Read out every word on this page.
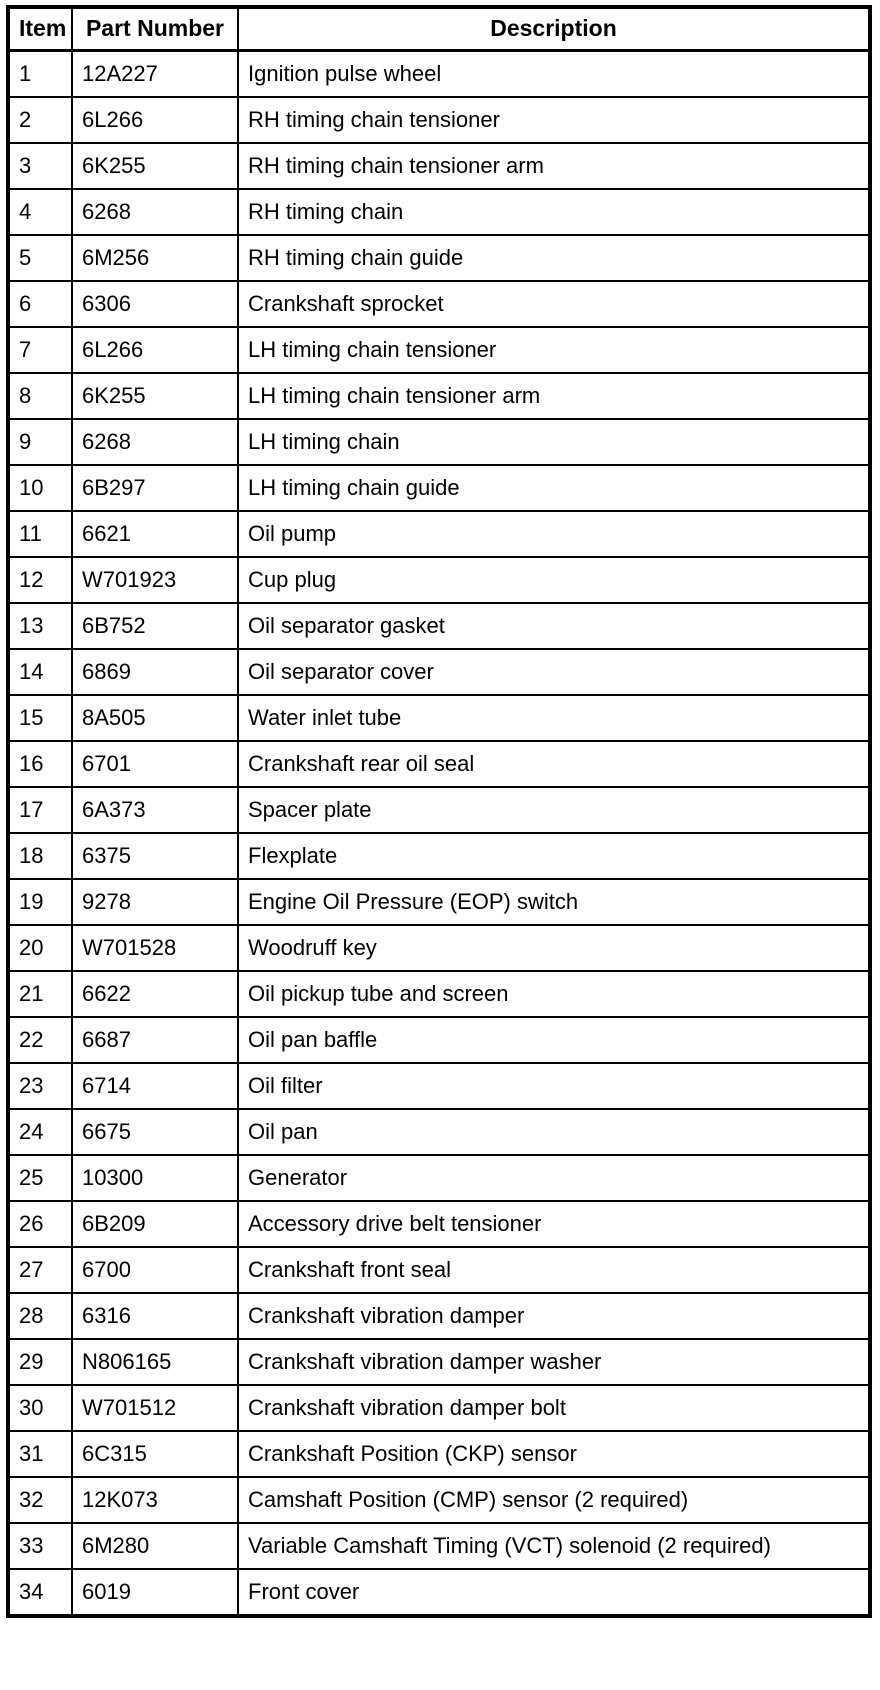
Item	Part Number	Description
1	12A227	Ignition pulse wheel
2	6L266	RH timing chain tensioner
3	6K255	RH timing chain tensioner arm
4	6268	RH timing chain
5	6M256	RH timing chain guide
6	6306	Crankshaft sprocket
7	6L266	LH timing chain tensioner
8	6K255	LH timing chain tensioner arm
9	6268	LH timing chain
10	6B297	LH timing chain guide
11	6621	Oil pump
12	W701923	Cup plug
13	6B752	Oil separator gasket
14	6869	Oil separator cover
15	8A505	Water inlet tube
16	6701	Crankshaft rear oil seal
17	6A373	Spacer plate
18	6375	Flexplate
19	9278	Engine Oil Pressure (EOP) switch
20	W701528	Woodruff key
21	6622	Oil pickup tube and screen
22	6687	Oil pan baffle
23	6714	Oil filter
24	6675	Oil pan
25	10300	Generator
26	6B209	Accessory drive belt tensioner
27	6700	Crankshaft front seal
28	6316	Crankshaft vibration damper
29	N806165	Crankshaft vibration damper washer
30	W701512	Crankshaft vibration damper bolt
31	6C315	Crankshaft Position (CKP) sensor
32	12K073	Camshaft Position (CMP) sensor (2 required)
33	6M280	Variable Camshaft Timing (VCT) solenoid (2 required)
34	6019	Front cover
